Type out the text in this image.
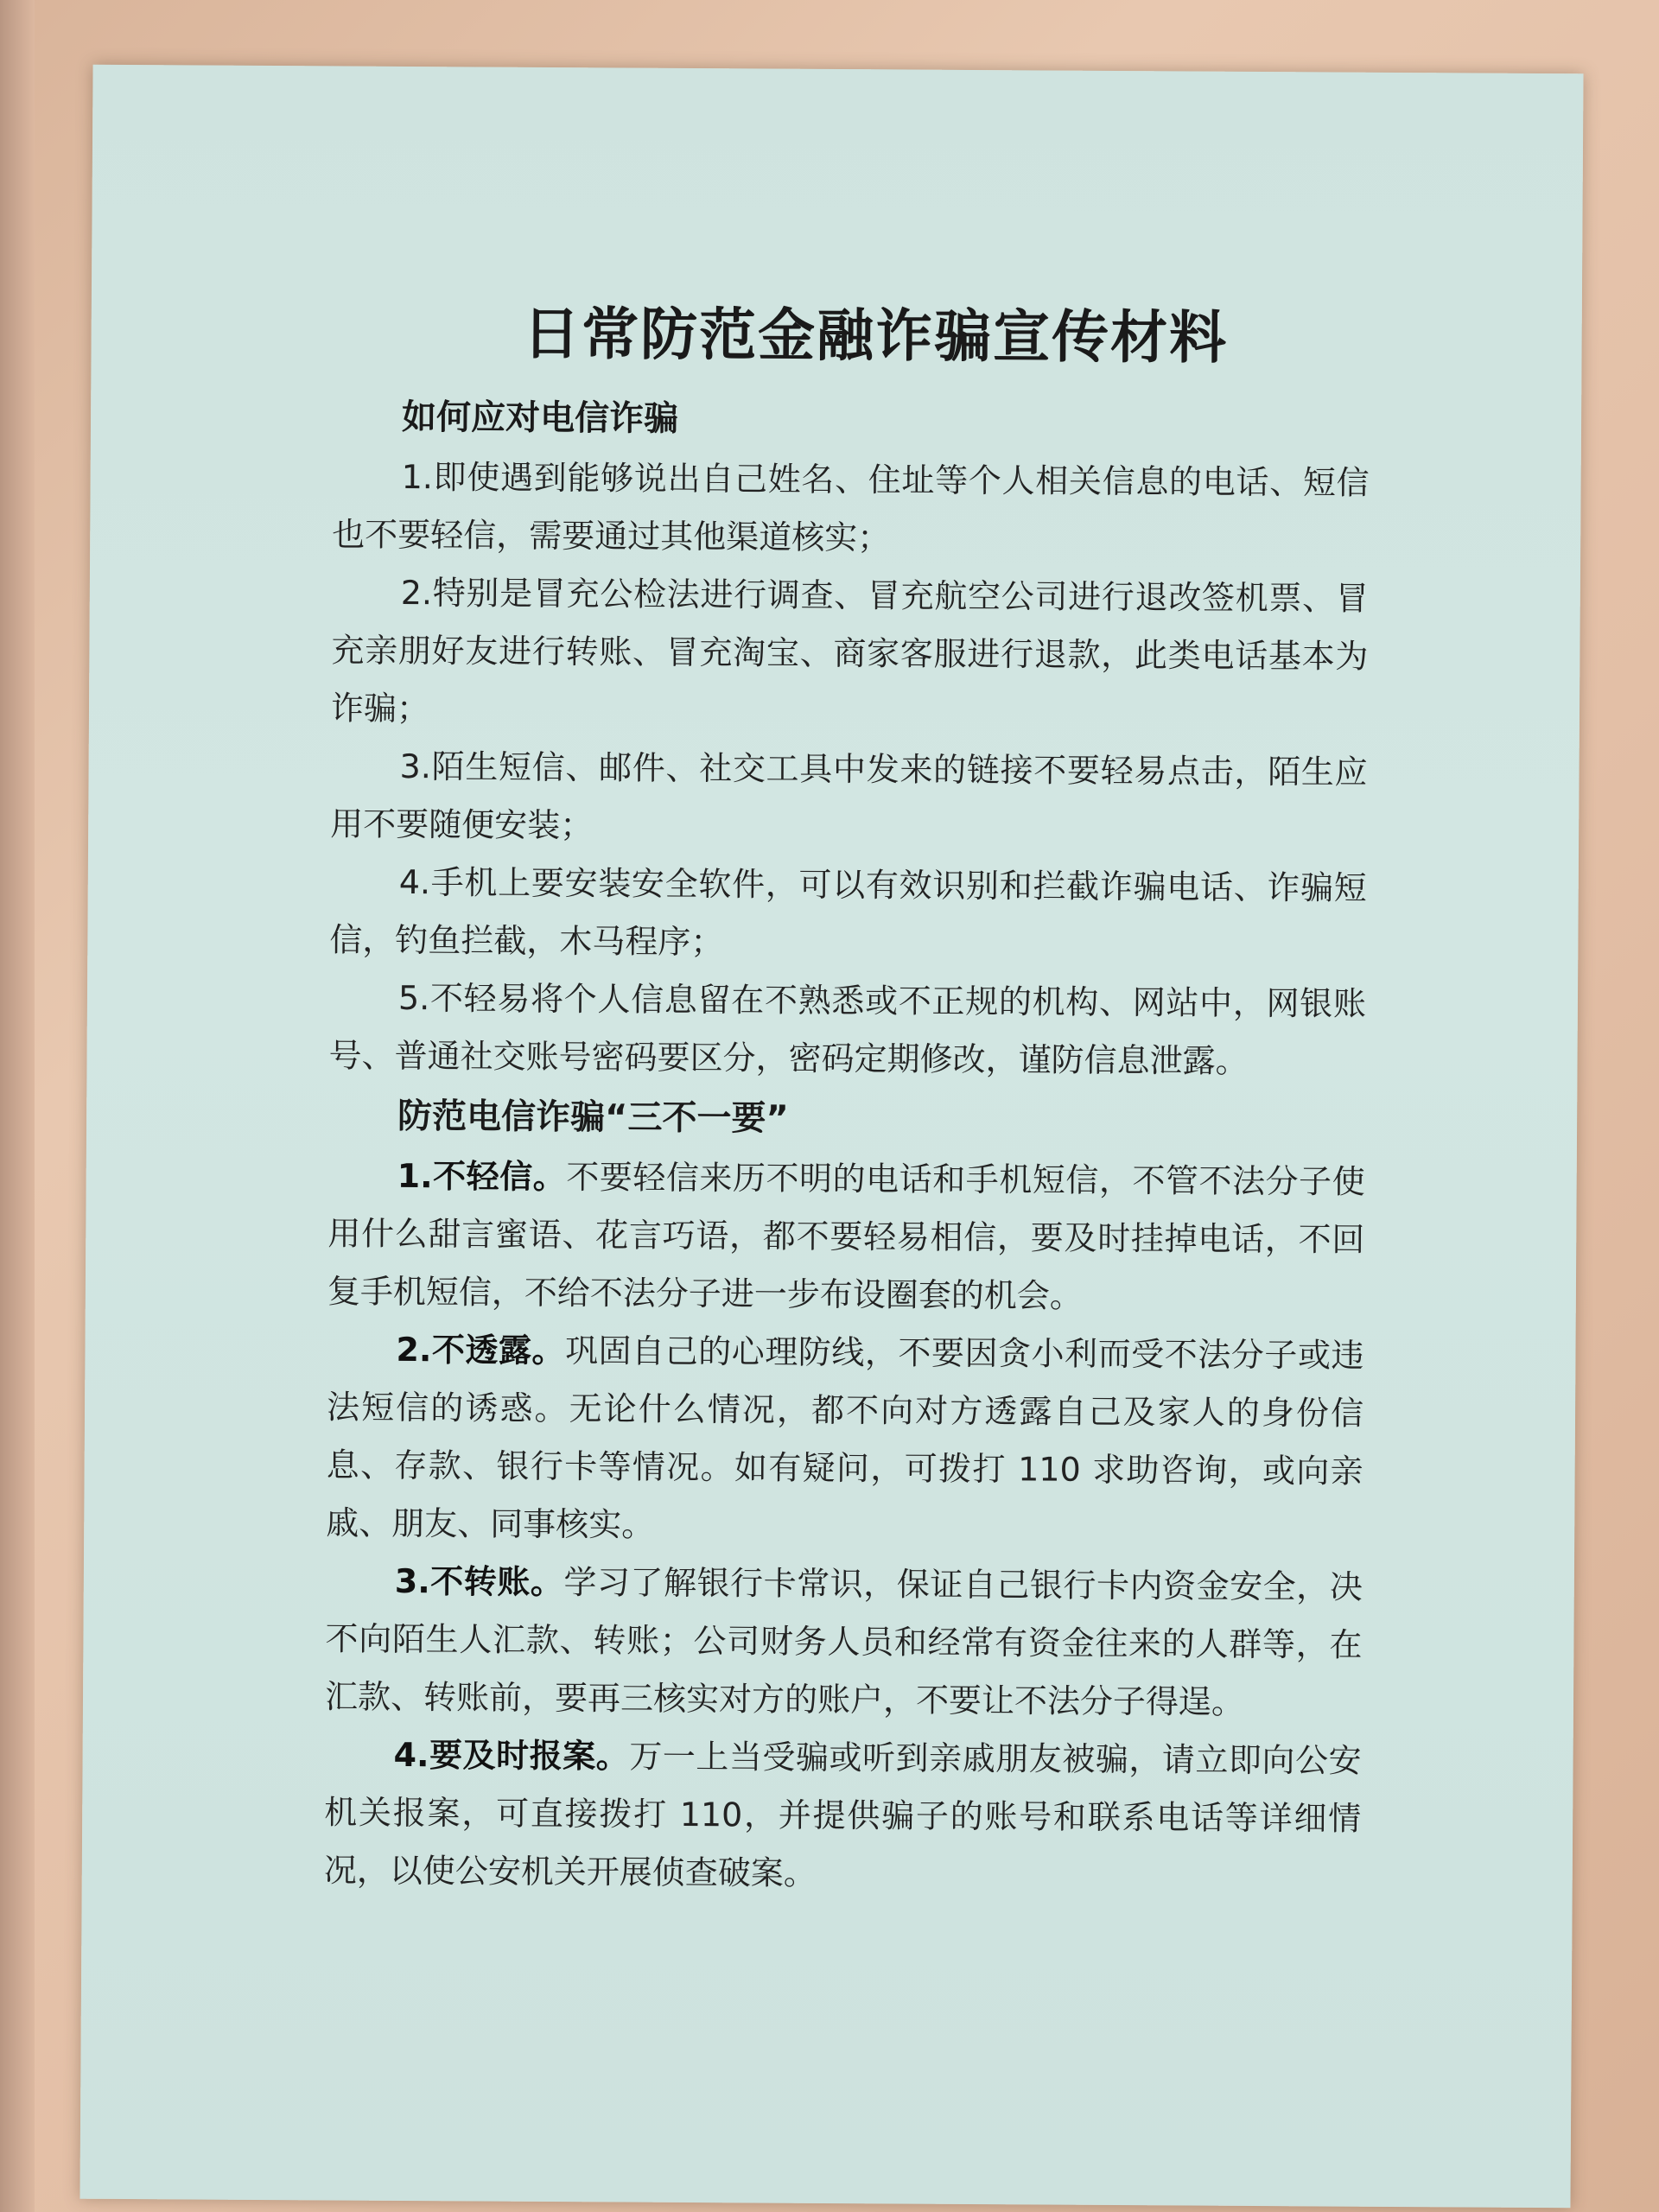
日常防范金融诈骗宣传材料

如何应对电信诈骗

1.即使遇到能够说出自己姓名、住址等个人相关信息的电话、短信也不要轻信，需要通过其他渠道核实；

2.特别是冒充公检法进行调查、冒充航空公司进行退改签机票、冒充亲朋好友进行转账、冒充淘宝、商家客服进行退款，此类电话基本为诈骗；

3.陌生短信、邮件、社交工具中发来的链接不要轻易点击，陌生应用不要随便安装；

4.手机上要安装安全软件，可以有效识别和拦截诈骗电话、诈骗短信，钓鱼拦截，木马程序；

5.不轻易将个人信息留在不熟悉或不正规的机构、网站中，网银账号、普通社交账号密码要区分，密码定期修改，谨防信息泄露。

防范电信诈骗“三不一要”

1.不轻信。不要轻信来历不明的电话和手机短信，不管不法分子使用什么甜言蜜语、花言巧语，都不要轻易相信，要及时挂掉电话，不回复手机短信，不给不法分子进一步布设圈套的机会。

2.不透露。巩固自己的心理防线，不要因贪小利而受不法分子或违法短信的诱惑。无论什么情况，都不向对方透露自己及家人的身份信息、存款、银行卡等情况。如有疑问，可拨打 110 求助咨询，或向亲戚、朋友、同事核实。

3.不转账。学习了解银行卡常识，保证自己银行卡内资金安全，决不向陌生人汇款、转账；公司财务人员和经常有资金往来的人群等，在汇款、转账前，要再三核实对方的账户，不要让不法分子得逞。

4.要及时报案。万一上当受骗或听到亲戚朋友被骗，请立即向公安机关报案，可直接拨打 110，并提供骗子的账号和联系电话等详细情况，以使公安机关开展侦查破案。
